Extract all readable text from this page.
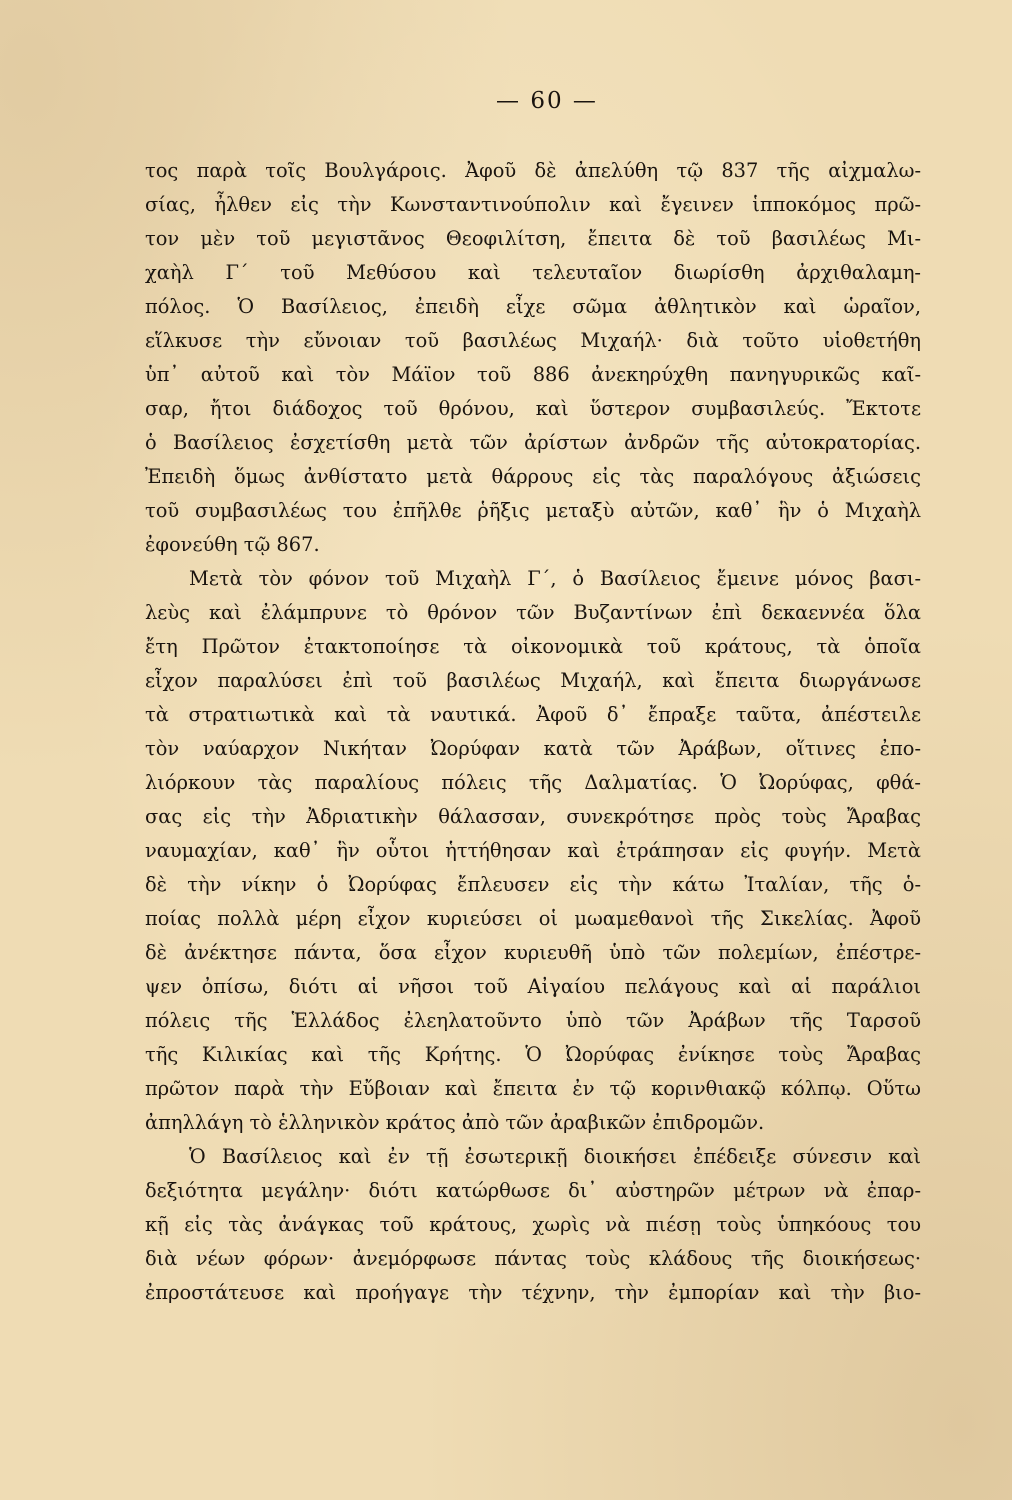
— 60 —
τος παρὰ τοῖς Βουλγάροις. Ἀφοῦ δὲ ἀπελύθη τῷ 837 τῆς αἰχμαλω-
σίας, ἦλθεν εἰς τὴν Κωνσταντινούπολιν καὶ ἔγεινεν ἱπποκόμος πρῶ-
τον μὲν τοῦ μεγιστᾶνος Θεοφιλίτση, ἔπειτα δὲ τοῦ βασιλέως Μι-
χαὴλ Γ΄ τοῦ Μεθύσου καὶ τελευταῖον διωρίσθη ἀρχιθαλαμη-
πόλος. Ὁ Βασίλειος, ἐπειδὴ εἶχε σῶμα ἀθλητικὸν καὶ ὡραῖον,
εἵλκυσε τὴν εὔνοιαν τοῦ βασιλέως Μιχαήλ· διὰ τοῦτο υἱοθετήθη
ὑπ᾽ αὐτοῦ καὶ τὸν Μάϊον τοῦ 886 ἀνεκηρύχθη πανηγυρικῶς καῖ-
σαρ, ἤτοι διάδοχος τοῦ θρόνου, καὶ ὕστερον συμβασιλεύς. Ἔκτοτε
ὁ Βασίλειος ἐσχετίσθη μετὰ τῶν ἀρίστων ἀνδρῶν τῆς αὐτοκρατορίας.
Ἐπειδὴ ὅμως ἀνθίστατο μετὰ θάρρους εἰς τὰς παραλόγους ἀξιώσεις
τοῦ συμβασιλέως του ἐπῆλθε ῥῆξις μεταξὺ αὐτῶν, καθ᾽ ἣν ὁ Μιχαὴλ
ἐφονεύθη τῷ 867.
Μετὰ τὸν φόνον τοῦ Μιχαὴλ Γ΄, ὁ Βασίλειος ἔμεινε μόνος βασι-
λεὺς καὶ ἐλάμπρυνε τὸ θρόνον τῶν Βυζαντίνων ἐπὶ δεκαεννέα ὅλα
ἔτη Πρῶτον ἐτακτοποίησε τὰ οἰκονομικὰ τοῦ κράτους, τὰ ὁποῖα
εἶχον παραλύσει ἐπὶ τοῦ βασιλέως Μιχαήλ, καὶ ἔπειτα διωργάνωσε
τὰ στρατιωτικὰ καὶ τὰ ναυτικά. Ἀφοῦ δ᾽ ἔπραξε ταῦτα, ἀπέστειλε
τὸν ναύαρχον Νικήταν Ὠορύφαν κατὰ τῶν Ἀράβων, οἵτινες ἐπο-
λιόρκουν τὰς παραλίους πόλεις τῆς Δαλματίας. Ὁ Ὠορύφας, φθά-
σας εἰς τὴν Ἀδριατικὴν θάλασσαν, συνεκρότησε πρὸς τοὺς Ἄραβας
ναυμαχίαν, καθ᾽ ἣν οὗτοι ἡττήθησαν καὶ ἐτράπησαν εἰς φυγήν. Μετὰ
δὲ τὴν νίκην ὁ Ὠορύφας ἔπλευσεν εἰς τὴν κάτω Ἰταλίαν, τῆς ὁ-
ποίας πολλὰ μέρη εἶχον κυριεύσει οἱ μωαμεθανοὶ τῆς Σικελίας. Ἀφοῦ
δὲ ἀνέκτησε πάντα, ὅσα εἶχον κυριευθῆ ὑπὸ τῶν πολεμίων, ἐπέστρε-
ψεν ὀπίσω, διότι αἱ νῆσοι τοῦ Αἰγαίου πελάγους καὶ αἱ παράλιοι
πόλεις τῆς Ἑλλάδος ἐλεηλατοῦντο ὑπὸ τῶν Ἀράβων τῆς Ταρσοῦ
τῆς Κιλικίας καὶ τῆς Κρήτης. Ὁ Ὠορύφας ἐνίκησε τοὺς Ἄραβας
πρῶτον παρὰ τὴν Εὔβοιαν καὶ ἔπειτα ἐν τῷ κορινθιακῷ κόλπῳ. Οὕτω
ἀπηλλάγη τὸ ἑλληνικὸν κράτος ἀπὸ τῶν ἀραβικῶν ἐπιδρομῶν.
Ὁ Βασίλειος καὶ ἐν τῇ ἐσωτερικῇ διοικήσει ἐπέδειξε σύνεσιν καὶ
δεξιότητα μεγάλην· διότι κατώρθωσε δι᾽ αὐστηρῶν μέτρων νὰ ἐπαρ-
κῇ εἰς τὰς ἀνάγκας τοῦ κράτους, χωρὶς νὰ πιέσῃ τοὺς ὑπηκόους του
διὰ νέων φόρων· ἀνεμόρφωσε πάντας τοὺς κλάδους τῆς διοικήσεως·
ἐπροστάτευσε καὶ προήγαγε τὴν τέχνην, τὴν ἐμπορίαν καὶ τὴν βιο-
